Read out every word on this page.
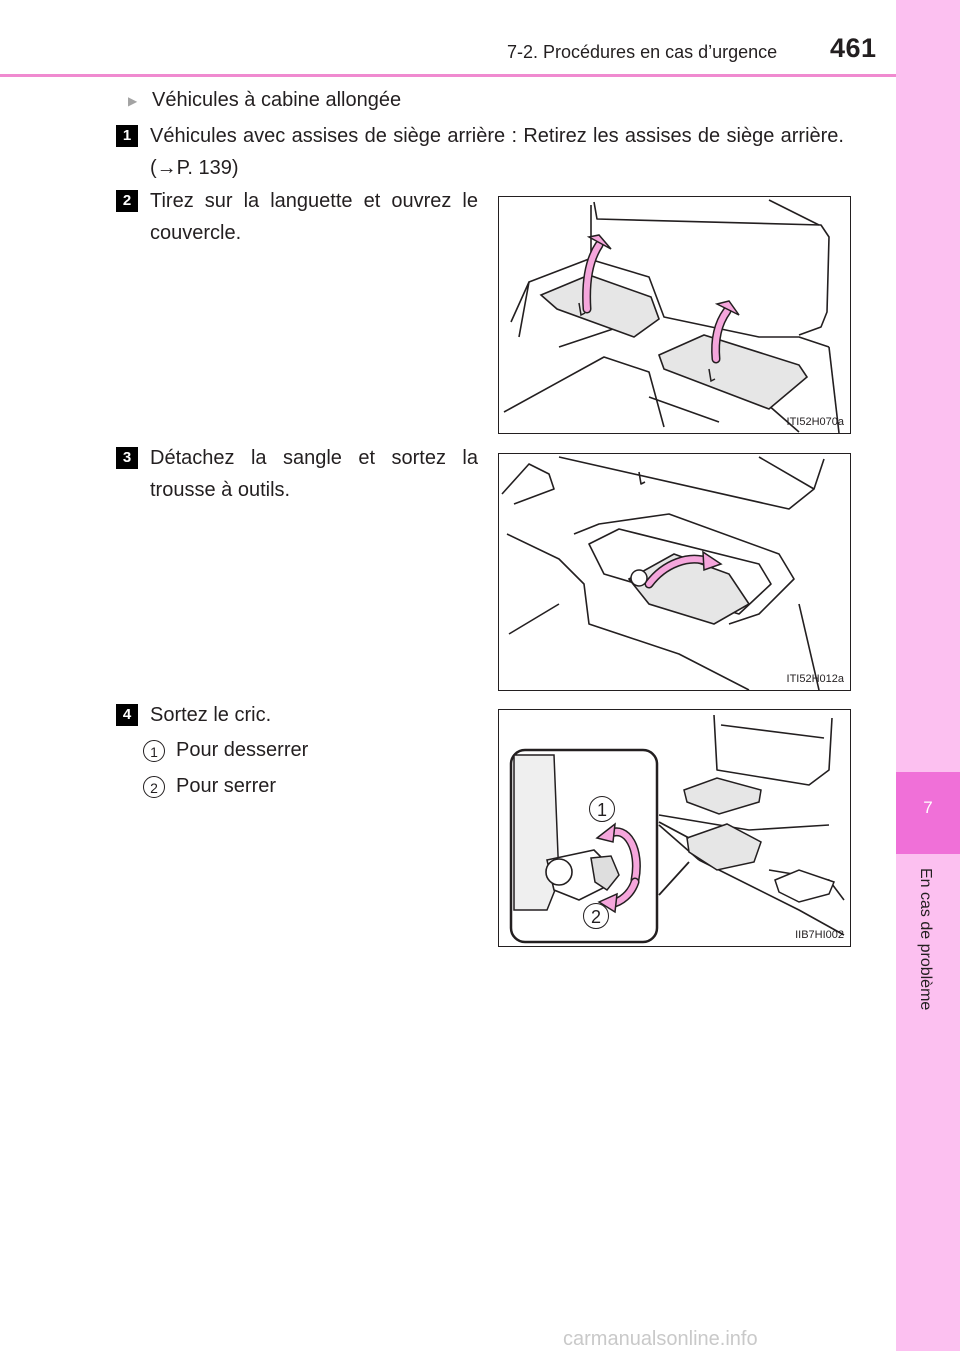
7
En cas de problème
7-2. Procédures en cas d’urgence 461
▶ Véhicules à cabine allongée
1 Véhicules avec assises de siège arrière : Retirez les assises de siège arrière. (→P. 139)
2 Tirez sur la languette et ouvrez le couvercle.
3 Détachez la sangle et sortez la trousse à outils.
4 Sortez le cric.
1 Pour desserrer
2 Pour serrer
ITI52H070a
ITI52H012a
1
2
IIB7HI002
carmanualsonline.info
